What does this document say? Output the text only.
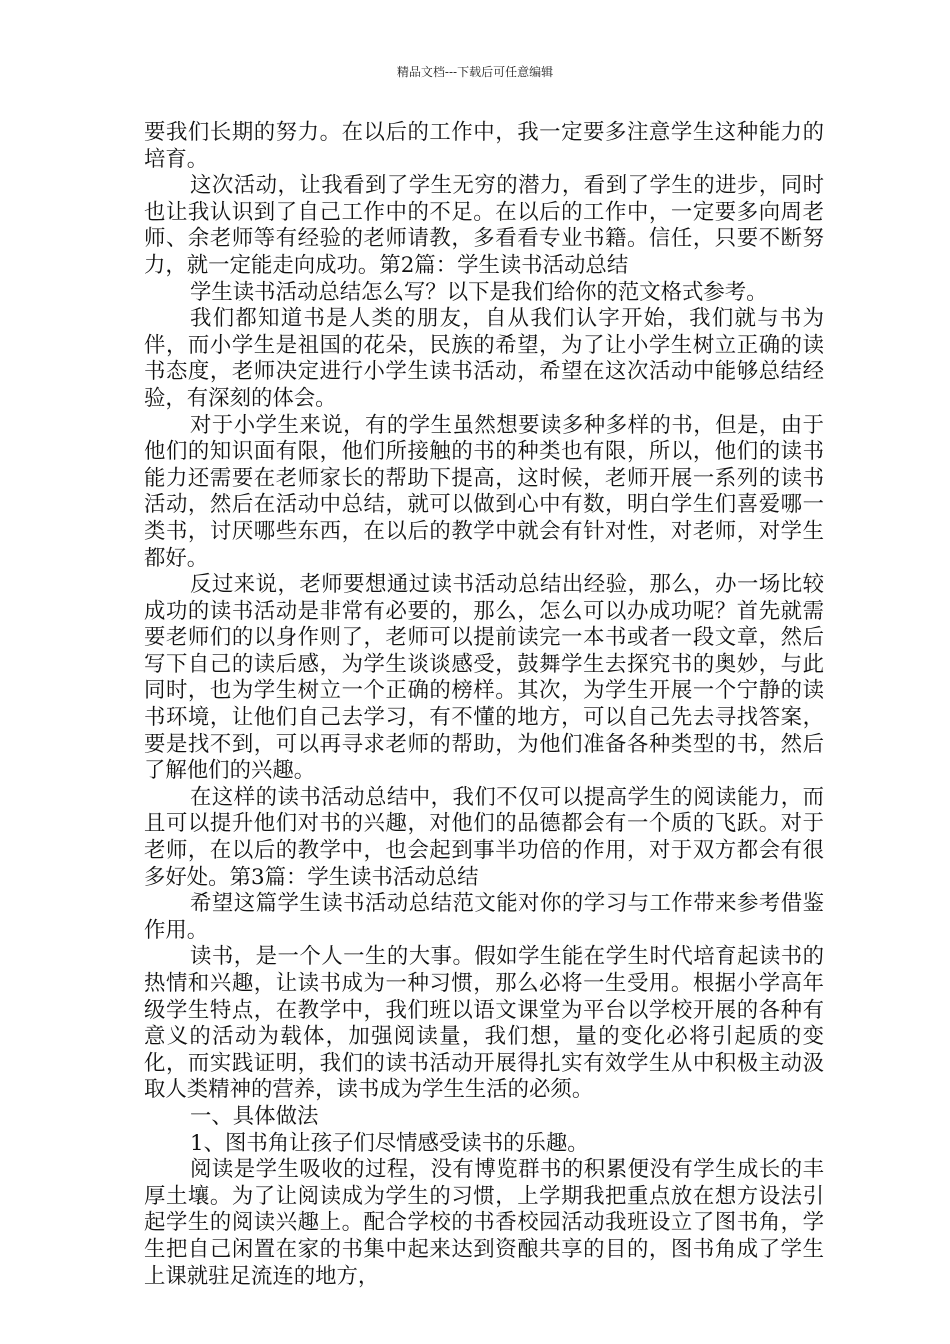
精品文档---下载后可任意编辑

要我们长期的努力。在以后的工作中，我一定要多注意学生这种能力的培育。

这次活动，让我看到了学生无穷的潜力，看到了学生的进步，同时也让我认识到了自己工作中的不足。在以后的工作中，一定要多向周老师、余老师等有经验的老师请教，多看看专业书籍。信任，只要不断努力，就一定能走向成功。第2篇：学生读书活动总结

学生读书活动总结怎么写？以下是我们给你的范文格式参考。

我们都知道书是人类的朋友，自从我们认字开始，我们就与书为伴，而小学生是祖国的花朵，民族的希望，为了让小学生树立正确的读书态度，老师决定进行小学生读书活动，希望在这次活动中能够总结经验，有深刻的体会。

对于小学生来说，有的学生虽然想要读多种多样的书，但是，由于他们的知识面有限，他们所接触的书的种类也有限，所以，他们的读书能力还需要在老师家长的帮助下提高，这时候，老师开展一系列的读书活动，然后在活动中总结，就可以做到心中有数，明白学生们喜爱哪一类书，讨厌哪些东西，在以后的教学中就会有针对性，对老师，对学生都好。

反过来说，老师要想通过读书活动总结出经验，那么，办一场比较成功的读书活动是非常有必要的，那么，怎么可以办成功呢？首先就需要老师们的以身作则了，老师可以提前读完一本书或者一段文章，然后写下自己的读后感，为学生谈谈感受，鼓舞学生去探究书的奥妙，与此同时，也为学生树立一个正确的榜样。其次，为学生开展一个宁静的读书环境，让他们自己去学习，有不懂的地方，可以自己先去寻找答案，要是找不到，可以再寻求老师的帮助，为他们准备各种类型的书，然后了解他们的兴趣。

在这样的读书活动总结中，我们不仅可以提高学生的阅读能力，而且可以提升他们对书的兴趣，对他们的品德都会有一个质的飞跃。对于老师，在以后的教学中，也会起到事半功倍的作用，对于双方都会有很多好处。第3篇：学生读书活动总结

希望这篇学生读书活动总结范文能对你的学习与工作带来参考借鉴作用。

读书，是一个人一生的大事。假如学生能在学生时代培育起读书的热情和兴趣，让读书成为一种习惯，那么必将一生受用。根据小学高年级学生特点，在教学中，我们班以语文课堂为平台以学校开展的各种有意义的活动为载体，加强阅读量，我们想，量的变化必将引起质的变化，而实践证明，我们的读书活动开展得扎实有效学生从中积极主动汲取人类精神的营养，读书成为学生生活的必须。

一、具体做法

1、图书角让孩子们尽情感受读书的乐趣。

阅读是学生吸收的过程，没有博览群书的积累便没有学生成长的丰厚土壤。为了让阅读成为学生的习惯，上学期我把重点放在想方设法引起学生的阅读兴趣上。配合学校的书香校园活动我班设立了图书角，学生把自己闲置在家的书集中起来达到资酿共享的目的，图书角成了学生上课就驻足流连的地方，
